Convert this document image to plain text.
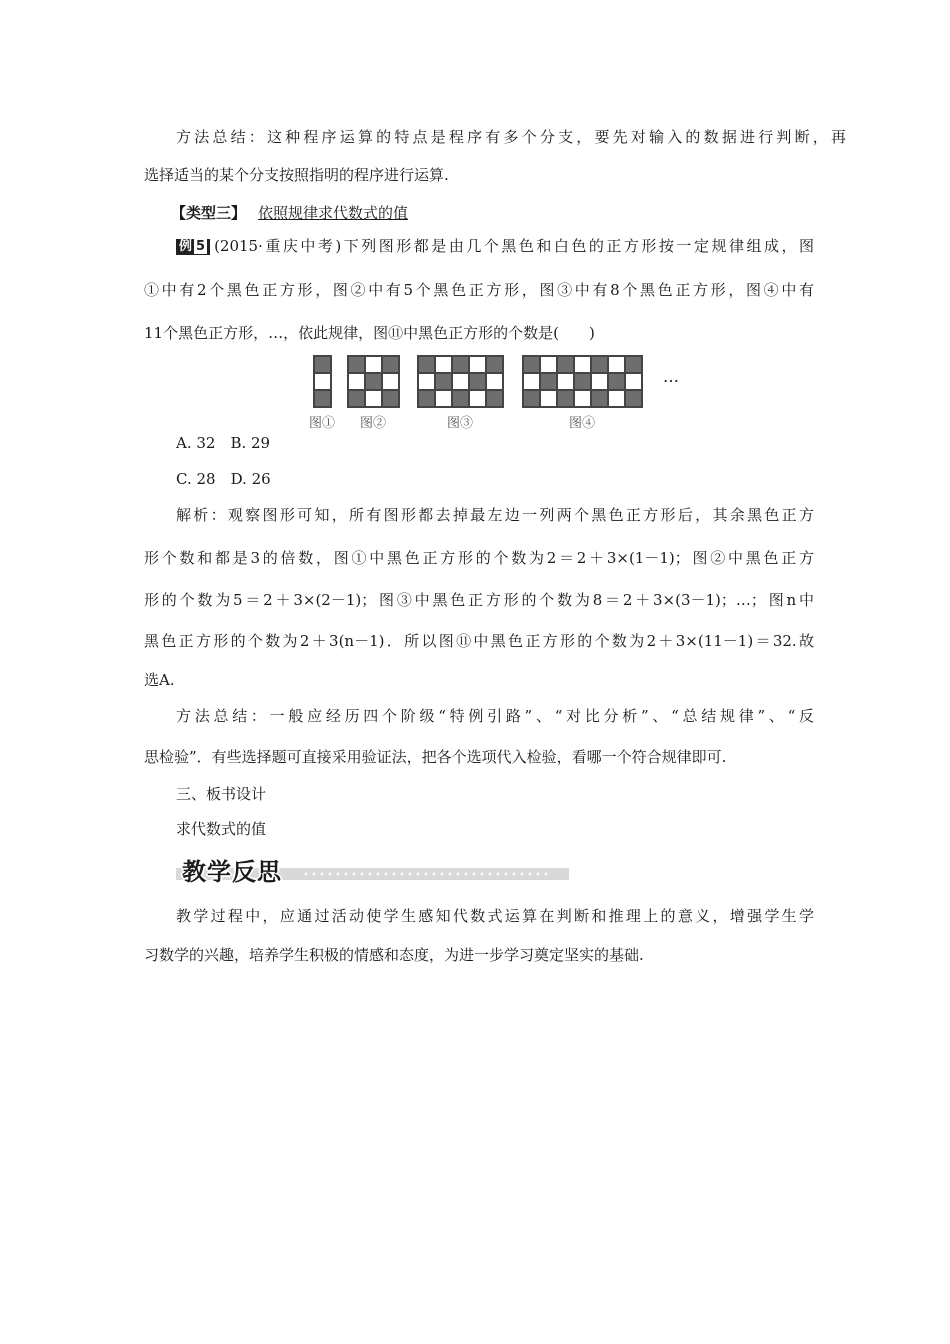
方法总结：这种程序运算的特点是程序有多个分支，要先对输入的数据进行判断，再
选择适当的某个分支按照指明的程序进行运算.
【类型三】 依照规律求代数式的值
例 5 (2015·重庆中考)下列图形都是由几个黑色和白色的正方形按一定规律组成，图
①中有2个黑色正方形，图②中有5个黑色正方形，图③中有8个黑色正方形，图④中有
11个黑色正方形，…，依此规律，图⑪中黑色正方形的个数是(　　)
…
图① 图②	图③	图④
A. 32　B. 29
C. 28　D. 26
解析：观察图形可知，所有图形都去掉最左边一列两个黑色正方形后，其余黑色正方
形个数和都是3的倍数，图①中黑色正方形的个数为2＝2＋3×(1－1)；图②中黑色正方
形的个数为5＝2＋3×(2－1)；图③中黑色正方形的个数为8＝2＋3×(3－1)；…；图n中
黑色正方形的个数为2＋3(n－1)．所以图⑪中黑色正方形的个数为2＋3×(11－1)＝32.故
选A.
方法总结：一般应经历四个阶级“特例引路”、“对比分析”、“总结规律”、“反
思检验”．有些选择题可直接采用验证法，把各个选项代入检验，看哪一个符合规律即可.
三、板书设计
求代数式的值
教学反思
教学过程中，应通过活动使学生感知代数式运算在判断和推理上的意义，增强学生学
习数学的兴趣，培养学生积极的情感和态度，为进一步学习奠定坚实的基础.
